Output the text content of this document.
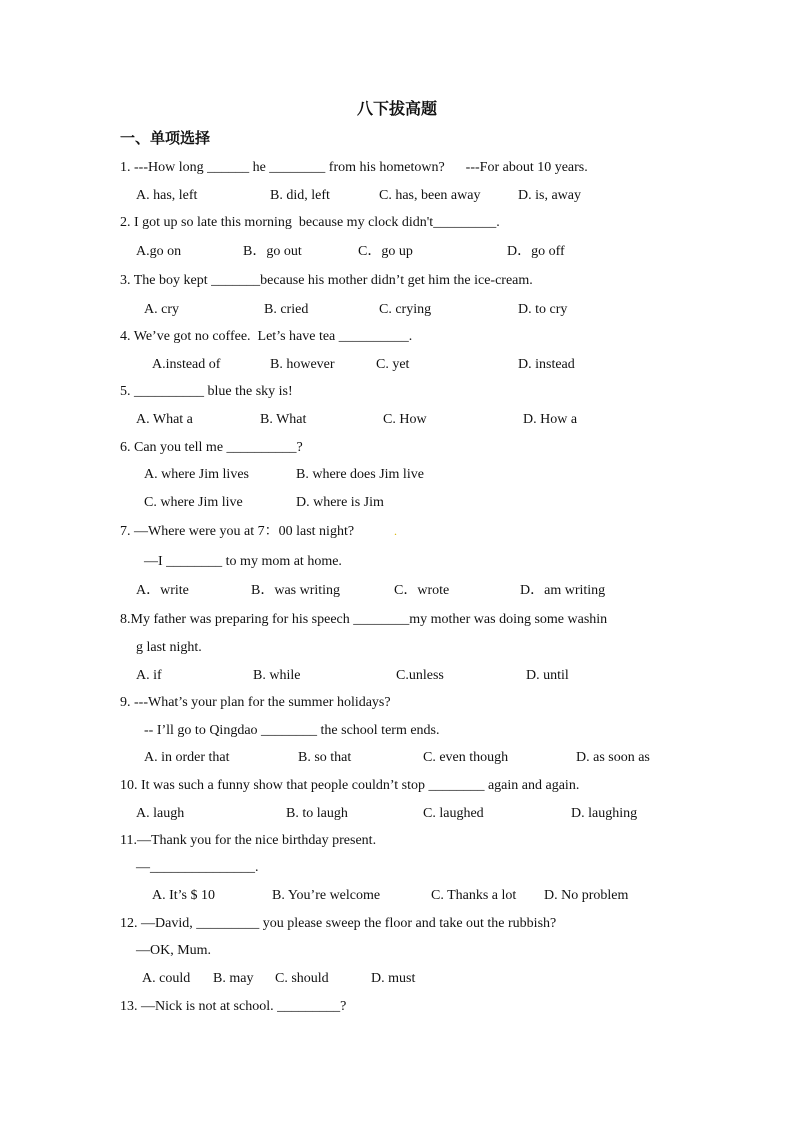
八下拔高题
一、单项选择
1. ---How long ______ he ________ from his hometown?      ---For about 10 years.
A. has, left	B. did, left	C. has, been away	D. is, away
2. I got up so late this morning  because my clock didn't_________.
A.go on	B．go out	C．go up	D．go off
3. The boy kept _______because his mother didn’t get him the ice-cream.
A. cry	B. cried	C. crying	D. to cry
4. We’ve got no coffee.  Let’s have tea __________.
A.instead of	B. however	C. yet	D. instead
5. __________ blue the sky is!
A. What a	B. What	C. How	D. How a
6. Can you tell me __________?
A. where Jim lives	B. where does Jim live
C. where Jim live	D. where is Jim
7. —Where were you at 7：00 last night?	.
—I ________ to my mom at home.
A．write	B．was writing	C．wrote	D．am writing
8.My father was preparing for his speech ________my mother was doing some washin
g last night.
A. if	B. while	C.unless	D. until
9. ---What’s your plan for the summer holidays?
-- I’ll go to Qingdao ________ the school term ends.
A. in order that	B. so that	C. even though	D. as soon as
10. It was such a funny show that people couldn’t stop ________ again and again.
A. laugh	B. to laugh	C. laughed	D. laughing
11.—Thank you for the nice birthday present.
—_______________.
A. It’s $ 10	B. You’re welcome	C. Thanks a lot D. No problem
12. —David, _________ you please sweep the floor and take out the rubbish?
—OK, Mum.
A. could B. may C. should	D. must
13. —Nick is not at school. _________?
